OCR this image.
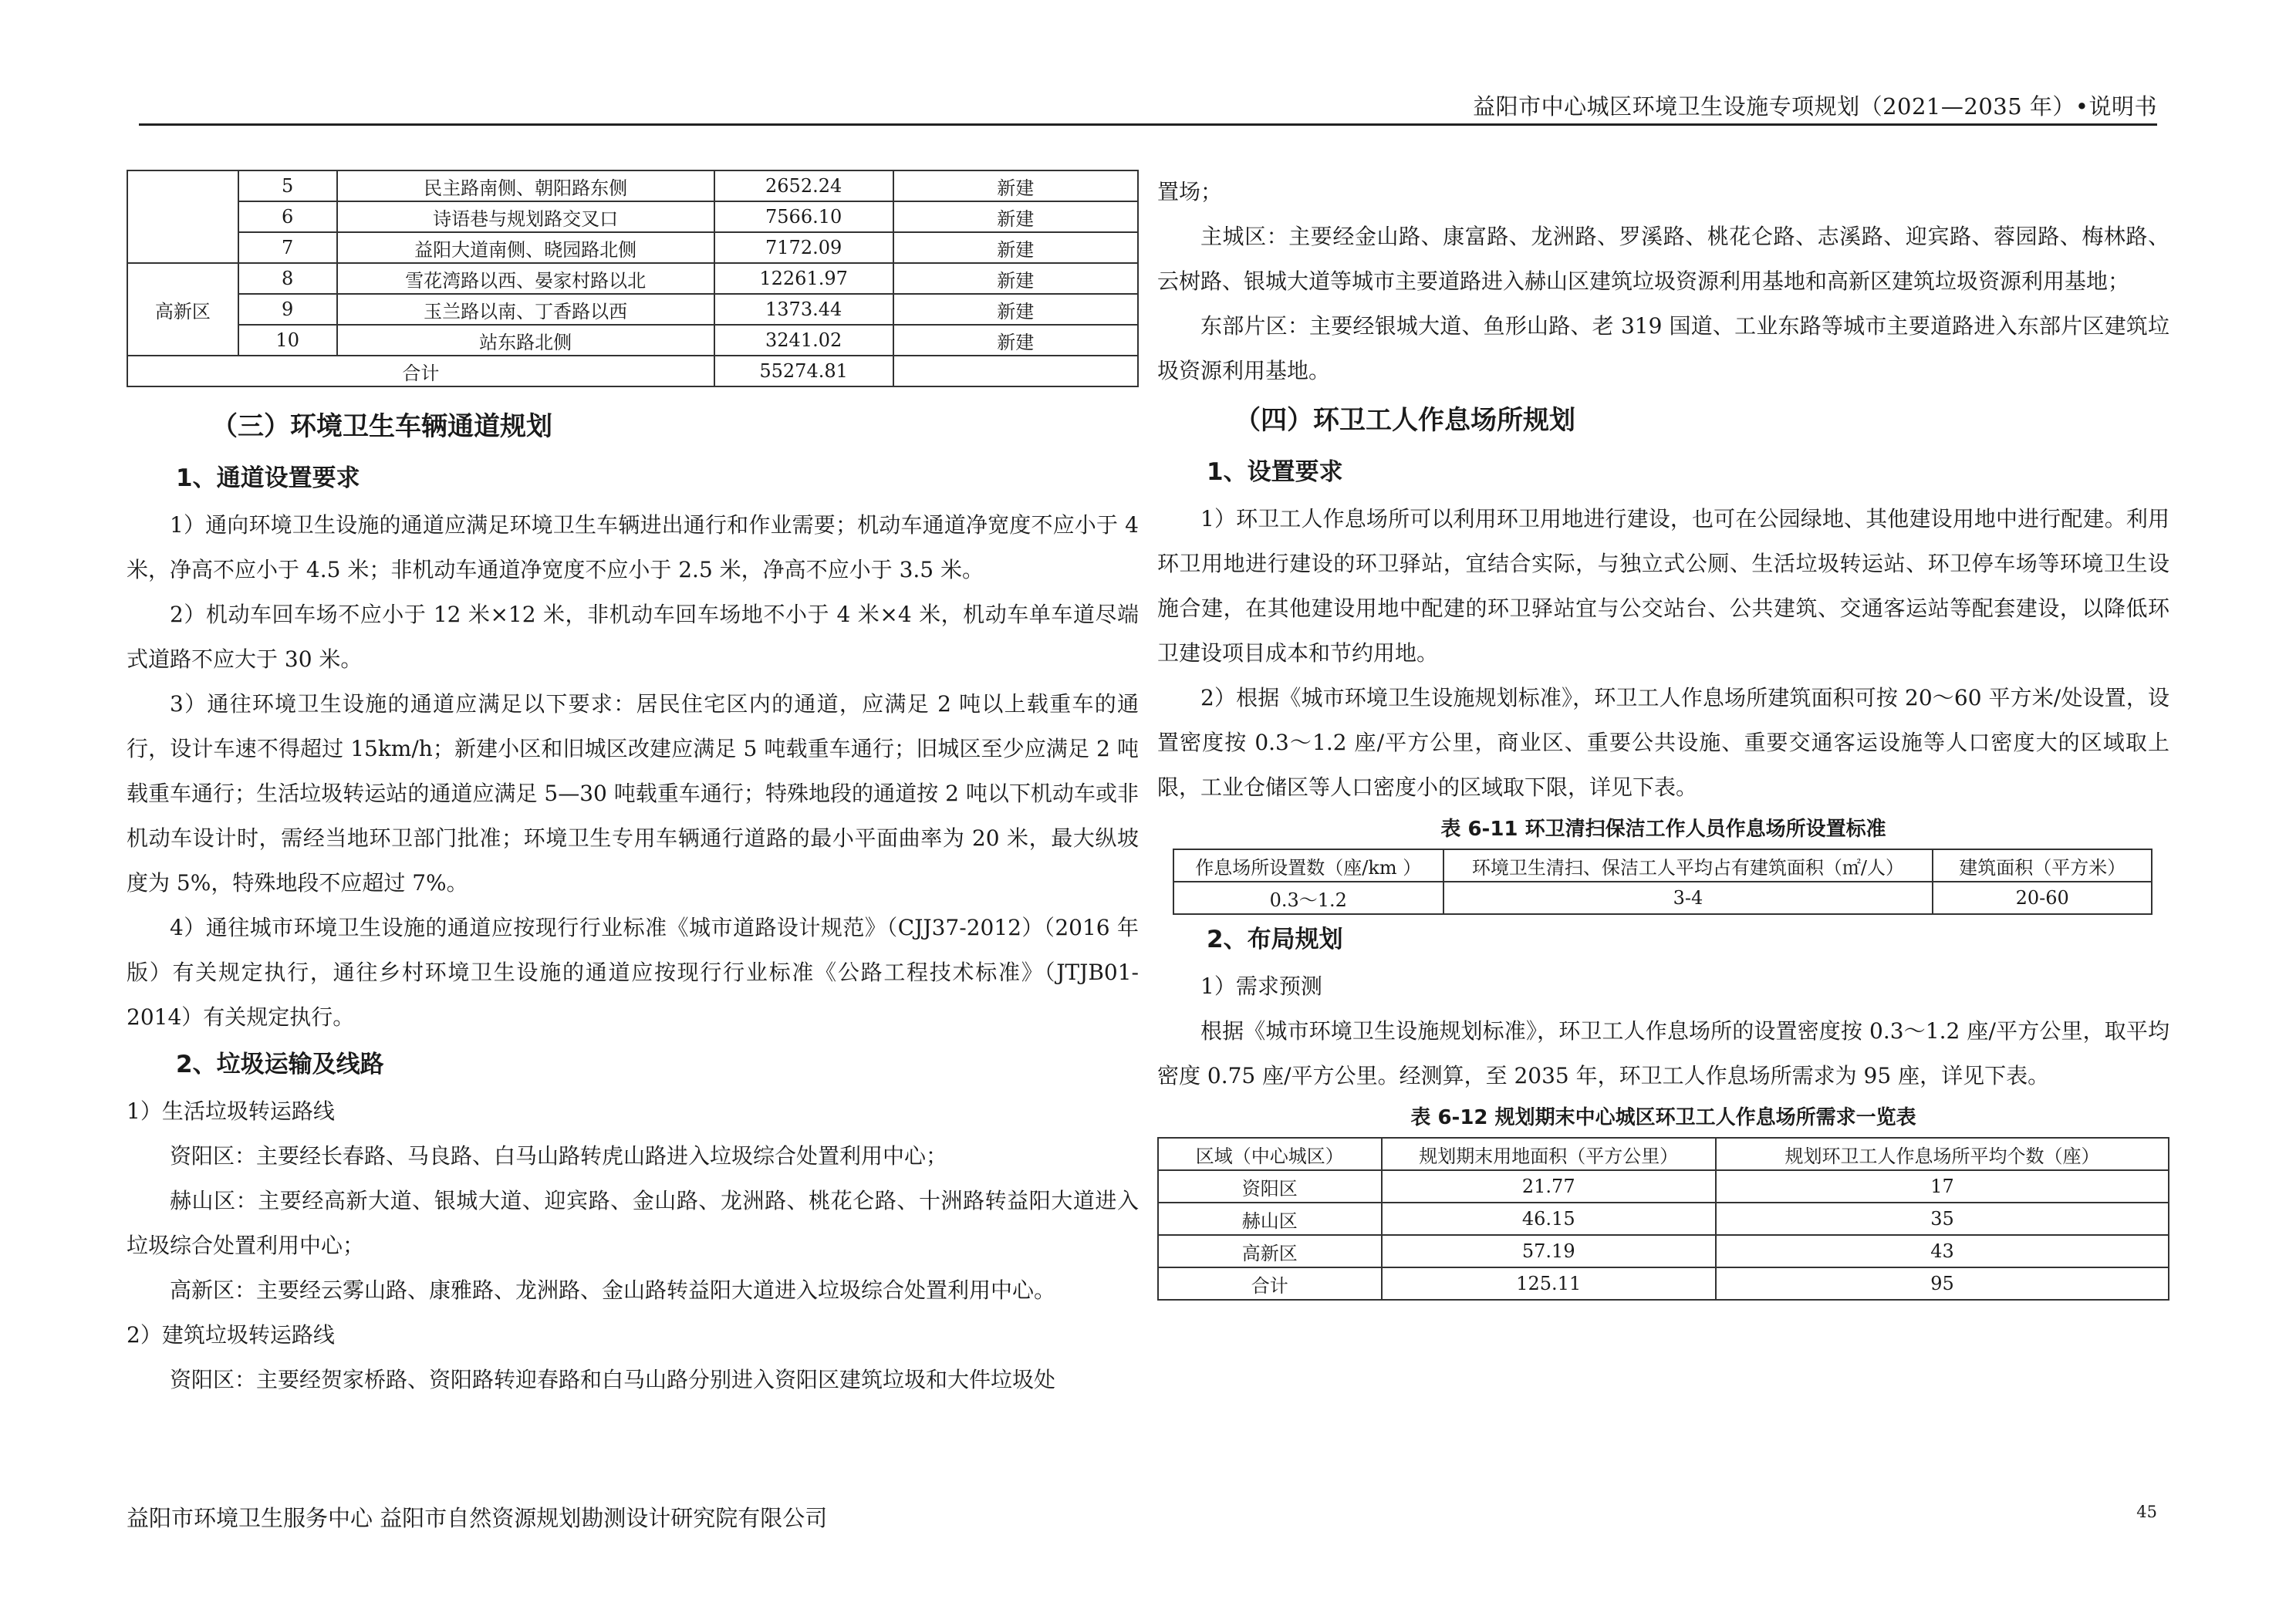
益阳市中心城区环境卫生设施专项规划（2021—2035 年）•说明书
	5	民主路南侧、朝阳路东侧	2652.24	新建
	6	诗语巷与规划路交叉口	7566.10	新建
	7	益阳大道南侧、晓园路北侧	7172.09	新建
高新区	8	雪花湾路以西、晏家村路以北	12261.97	新建
	9	玉兰路以南、丁香路以西	1373.44	新建
	10	站东路北侧	3241.02	新建
合计			55274.81	
（三）环境卫生车辆通道规划
1、通道设置要求

1）通向环境卫生设施的通道应满足环境卫生车辆进出通行和作业需要；机动车通道净宽度不应小于 4 米，净高不应小于 4.5 米；非机动车通道净宽度不应小于 2.5 米，净高不应小于 3.5 米。

2）机动车回车场不应小于 12 米×12 米，非机动车回车场地不小于 4 米×4 米，机动车单车道尽端式道路不应大于 30 米。

3）通往环境卫生设施的通道应满足以下要求：居民住宅区内的通道，应满足 2 吨以上载重车的通行，设计车速不得超过 15km/h；新建小区和旧城区改建应满足 5 吨载重车通行；旧城区至少应满足 2 吨载重车通行；生活垃圾转运站的通道应满足 5—30 吨载重车通行；特殊地段的通道按 2 吨以下机动车或非机动车设计时，需经当地环卫部门批准；环境卫生专用车辆通行道路的最小平面曲率为 20 米，最大纵坡度为 5%，特殊地段不应超过 7%。

4）通往城市环境卫生设施的通道应按现行行业标准《城市道路设计规范》（CJJ37-2012）（2016 年版）有关规定执行，通往乡村环境卫生设施的通道应按现行行业标准《公路工程技术标准》（JTJB01-2014）有关规定执行。

2、垃圾运输及线路

1）生活垃圾转运路线

资阳区：主要经长春路、马良路、白马山路转虎山路进入垃圾综合处置利用中心；

赫山区：主要经高新大道、银城大道、迎宾路、金山路、龙洲路、桃花仑路、十洲路转益阳大道进入垃圾综合处置利用中心；

高新区：主要经云雾山路、康雅路、龙洲路、金山路转益阳大道进入垃圾综合处置利用中心。

2）建筑垃圾转运路线

资阳区：主要经贺家桥路、资阳路转迎春路和白马山路分别进入资阳区建筑垃圾和大件垃圾处

置场；

主城区：主要经金山路、康富路、龙洲路、罗溪路、桃花仑路、志溪路、迎宾路、蓉园路、梅林路、云树路、银城大道等城市主要道路进入赫山区建筑垃圾资源利用基地和高新区建筑垃圾资源利用基地；

东部片区：主要经银城大道、鱼形山路、老 319 国道、工业东路等城市主要道路进入东部片区建筑垃圾资源利用基地。

（四）环卫工人作息场所规划
1、设置要求

1）环卫工人作息场所可以利用环卫用地进行建设，也可在公园绿地、其他建设用地中进行配建。利用环卫用地进行建设的环卫驿站，宜结合实际，与独立式公厕、生活垃圾转运站、环卫停车场等环境卫生设施合建，在其他建设用地中配建的环卫驿站宜与公交站台、公共建筑、交通客运站等配套建设，以降低环卫建设项目成本和节约用地。

2）根据《城市环境卫生设施规划标准》，环卫工人作息场所建筑面积可按 20～60 平方米/处设置，设置密度按 0.3～1.2 座/平方公里，商业区、重要公共设施、重要交通客运设施等人口密度大的区域取上限，工业仓储区等人口密度小的区域取下限，详见下表。

表 6-11 环卫清扫保洁工作人员作息场所设置标准
作息场所设置数（座/km ）	环境卫生清扫、保洁工人平均占有建筑面积（㎡/人）	建筑面积（平方米）
0.3～1.2	3-4	20-60
2、布局规划

1）需求预测

根据《城市环境卫生设施规划标准》，环卫工人作息场所的设置密度按 0.3～1.2 座/平方公里，取平均密度 0.75 座/平方公里。经测算，至 2035 年，环卫工人作息场所需求为 95 座，详见下表。

表 6-12 规划期末中心城区环卫工人作息场所需求一览表
区域（中心城区）	规划期末用地面积（平方公里）	规划环卫工人作息场所平均个数（座）
资阳区	21.77	17
赫山区	46.15	35
高新区	57.19	43
合计	125.11	95
益阳市环境卫生服务中心 益阳市自然资源规划勘测设计研究院有限公司	45
